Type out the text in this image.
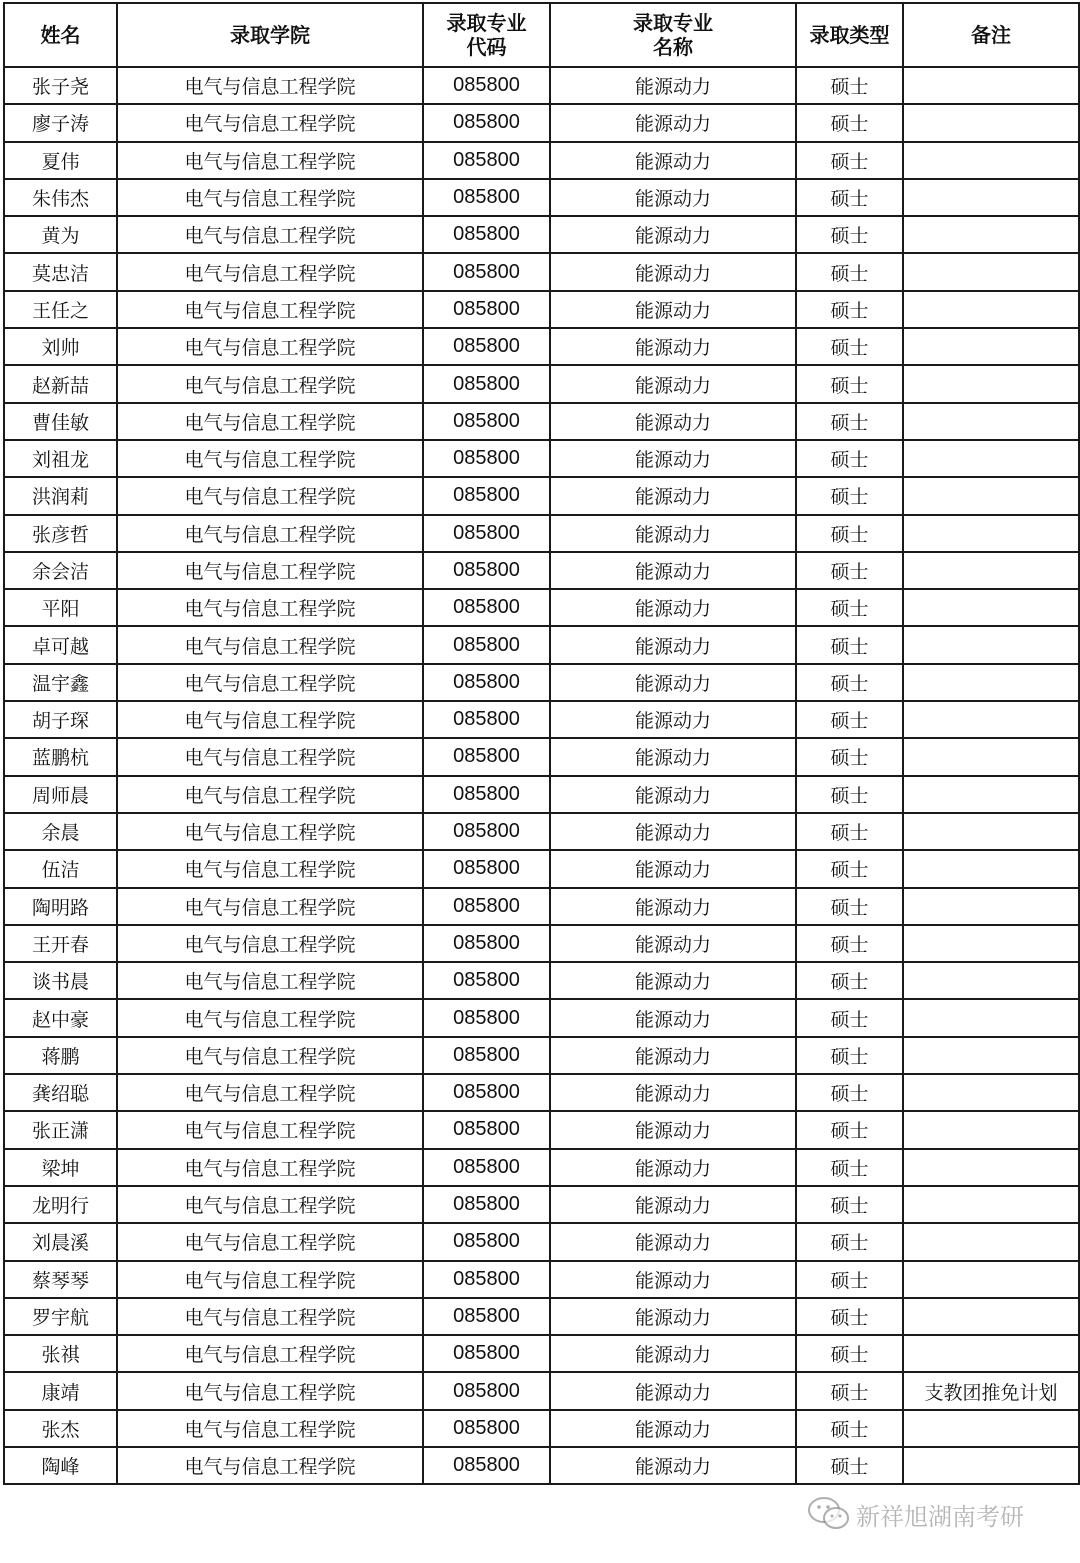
姓名	录取学院	录取专业代码	录取专业名称	录取类型	备注
张子尧	电气与信息工程学院	085800	能源动力	硕士	
廖子涛	电气与信息工程学院	085800	能源动力	硕士	
夏伟	电气与信息工程学院	085800	能源动力	硕士	
朱伟杰	电气与信息工程学院	085800	能源动力	硕士	
黄为	电气与信息工程学院	085800	能源动力	硕士	
莫忠洁	电气与信息工程学院	085800	能源动力	硕士	
王任之	电气与信息工程学院	085800	能源动力	硕士	
刘帅	电气与信息工程学院	085800	能源动力	硕士	
赵新喆	电气与信息工程学院	085800	能源动力	硕士	
曹佳敏	电气与信息工程学院	085800	能源动力	硕士	
刘祖龙	电气与信息工程学院	085800	能源动力	硕士	
洪润莉	电气与信息工程学院	085800	能源动力	硕士	
张彦哲	电气与信息工程学院	085800	能源动力	硕士	
余会洁	电气与信息工程学院	085800	能源动力	硕士	
平阳	电气与信息工程学院	085800	能源动力	硕士	
卓可越	电气与信息工程学院	085800	能源动力	硕士	
温宇鑫	电气与信息工程学院	085800	能源动力	硕士	
胡子琛	电气与信息工程学院	085800	能源动力	硕士	
蓝鹏杭	电气与信息工程学院	085800	能源动力	硕士	
周师晨	电气与信息工程学院	085800	能源动力	硕士	
余晨	电气与信息工程学院	085800	能源动力	硕士	
伍洁	电气与信息工程学院	085800	能源动力	硕士	
陶明路	电气与信息工程学院	085800	能源动力	硕士	
王开春	电气与信息工程学院	085800	能源动力	硕士	
谈书晨	电气与信息工程学院	085800	能源动力	硕士	
赵中豪	电气与信息工程学院	085800	能源动力	硕士	
蒋鹏	电气与信息工程学院	085800	能源动力	硕士	
龚绍聪	电气与信息工程学院	085800	能源动力	硕士	
张正潇	电气与信息工程学院	085800	能源动力	硕士	
梁坤	电气与信息工程学院	085800	能源动力	硕士	
龙明行	电气与信息工程学院	085800	能源动力	硕士	
刘晨溪	电气与信息工程学院	085800	能源动力	硕士	
蔡琴琴	电气与信息工程学院	085800	能源动力	硕士	
罗宇航	电气与信息工程学院	085800	能源动力	硕士	
张祺	电气与信息工程学院	085800	能源动力	硕士	
康靖	电气与信息工程学院	085800	能源动力	硕士	支教团推免计划
张杰	电气与信息工程学院	085800	能源动力	硕士	
陶峰	电气与信息工程学院	085800	能源动力	硕士	
新祥旭湖南考研
